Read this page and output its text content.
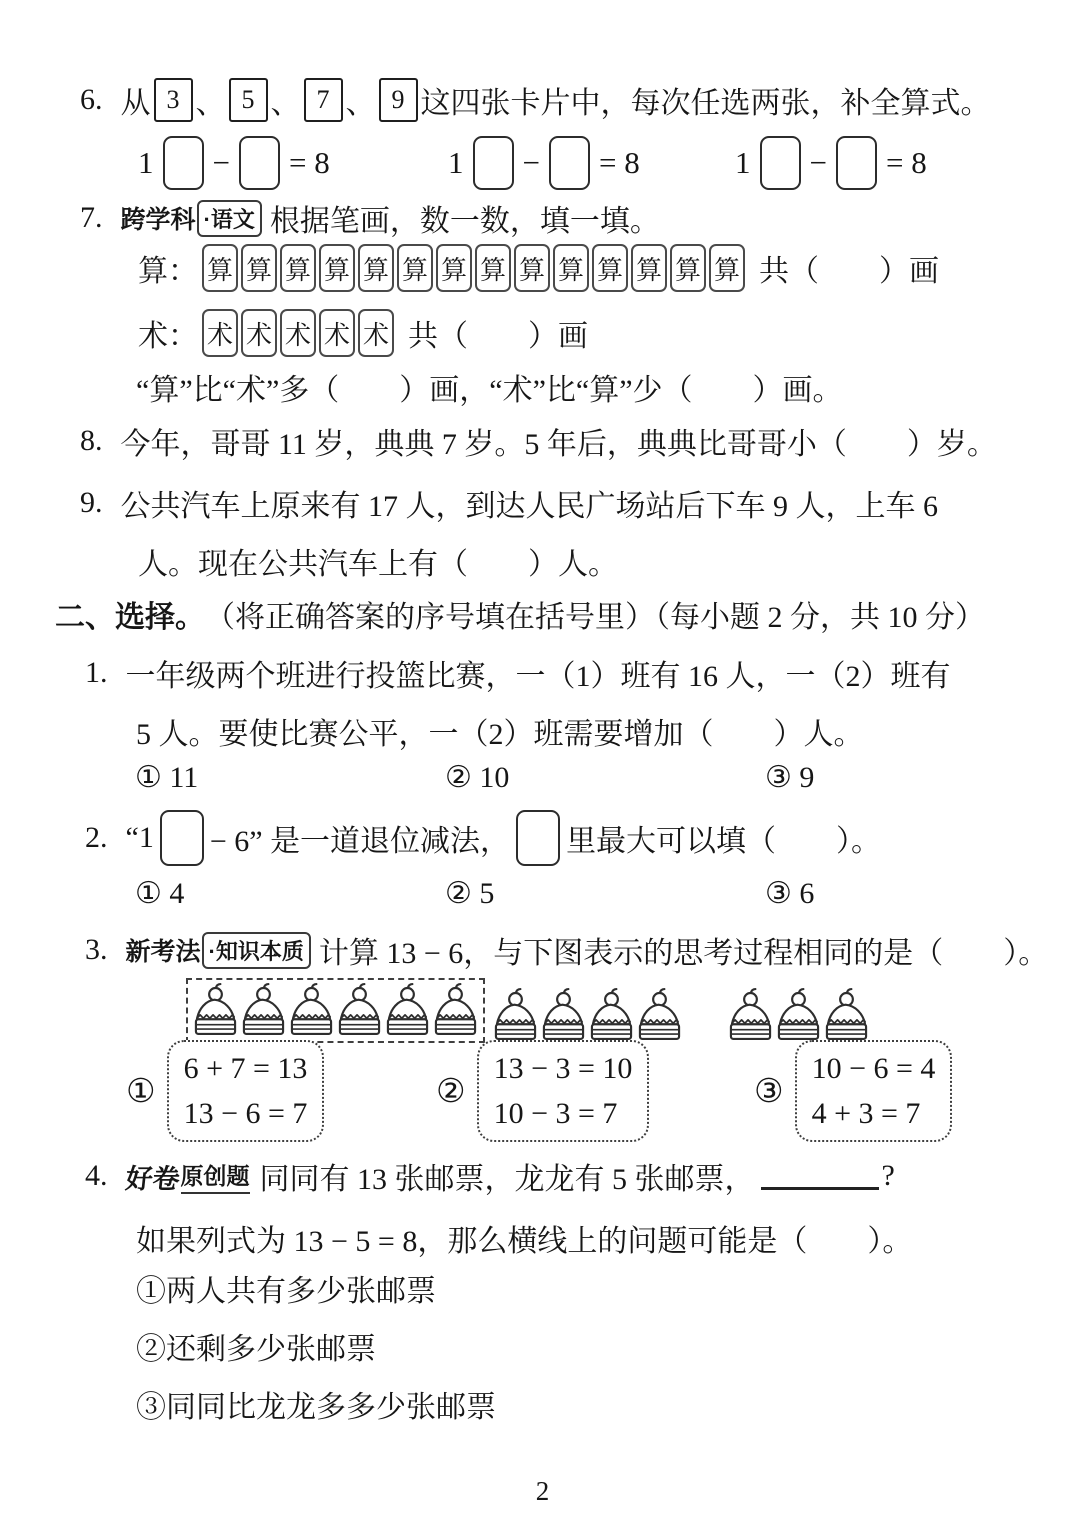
6. 从 3 、 5 、 7 、 9 这四张卡片中，每次任选两张，补全算式。
1 − = 8	1 − = 8	1 − = 8
7. 跨学科 ·语文 根据笔画，数一数，填一填。
算： 算 算 算 算 算 算 算 算 算 算 算 算 算 算 共（　　）画
术： 术 术 术 术 术 共（　　）画
“算”比“术”多（　　）画，“术”比“算”少（　　）画。
8. 今年，哥哥 11 岁，典典 7 岁。5 年后，典典比哥哥小（　　）岁。
9. 公共汽车上原来有 17 人，到达人民广场站后下车 9 人，上车 6
人。现在公共汽车上有（　　）人。
二、选择。 （将正确答案的序号填在括号里）（每小题 2 分，共 10 分）
1. 一年级两个班进行投篮比赛，一（1）班有 16 人，一（2）班有
5 人。要使比赛公平，一（2）班需要增加（　　）人。
① 11	② 10	③ 9
2. “1 − 6” 是一道退位减法， 里最大可以填（　　）。
① 4	② 5	③ 6
3. 新考法 ·知识本质 计算 13 − 6，与下图表示的思考过程相同的是（　　）。
①
6 + 7 = 13
13 − 6 = 7
②
13 − 3 = 10
10 − 3 = 7
③
10 − 6 = 4
4 + 3 = 7
4. 好卷 原创题 同同有 13 张邮票，龙龙有 5 张邮票，	?
如果列式为 13 − 5 = 8，那么横线上的问题可能是（　　）。
①两人共有多少张邮票
②还剩多少张邮票
③同同比龙龙多多少张邮票
2
